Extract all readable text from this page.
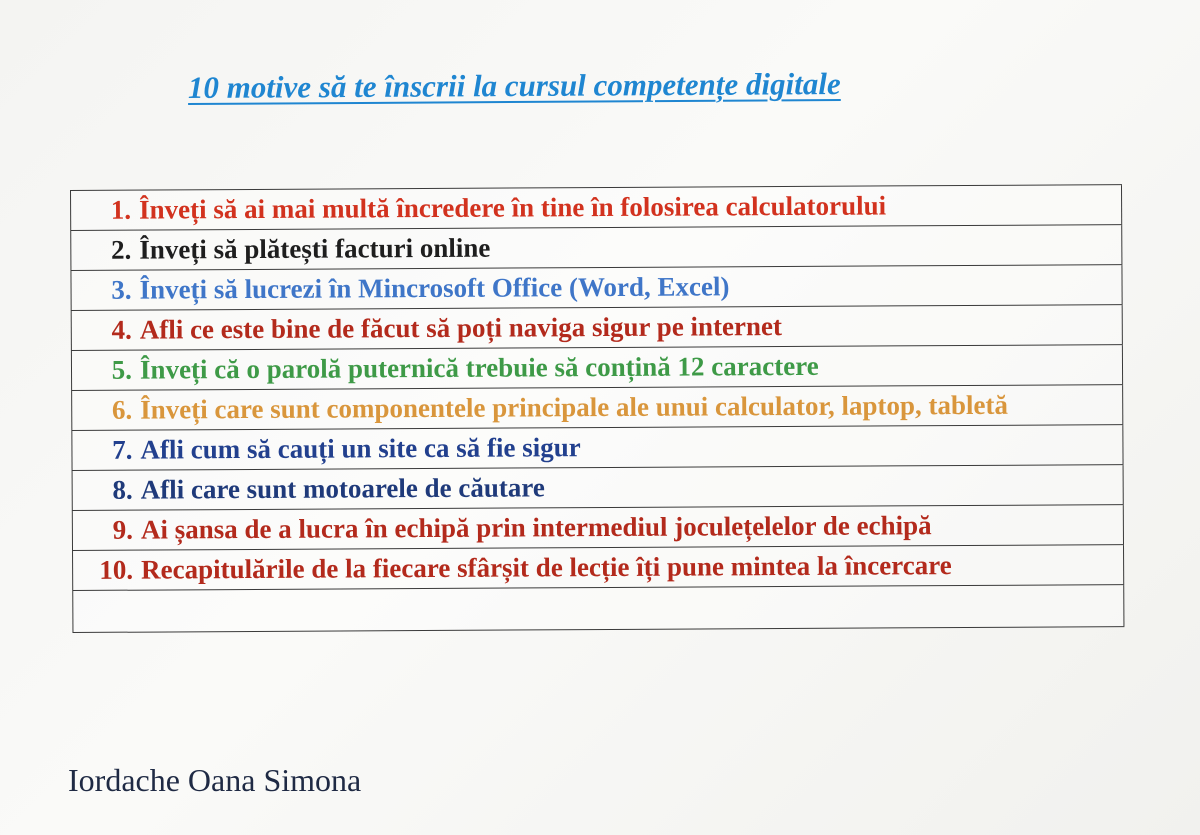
10 motive să te înscrii la cursul competențe digitale
1. Înveți să ai mai multă încredere în tine în folosirea calculatorului

2. Înveți să plătești facturi online

3. Înveți să lucrezi în Mincrosoft Office (Word, Excel)

4. Afli ce este bine de făcut să poți naviga sigur pe internet

5. Înveți că o parolă puternică trebuie să conțină 12 caractere

6. Înveți care sunt componentele principale ale unui calculator, laptop, tabletă

7. Afli cum să cauți un site ca să fie sigur

8. Afli care sunt motoarele de căutare

9. Ai șansa de a lucra în echipă prin intermediul joculețelelor de echipă

10. Recapitulările de la fiecare sfârșit de lecție îți pune mintea la încercare

Iordache Oana Simona
